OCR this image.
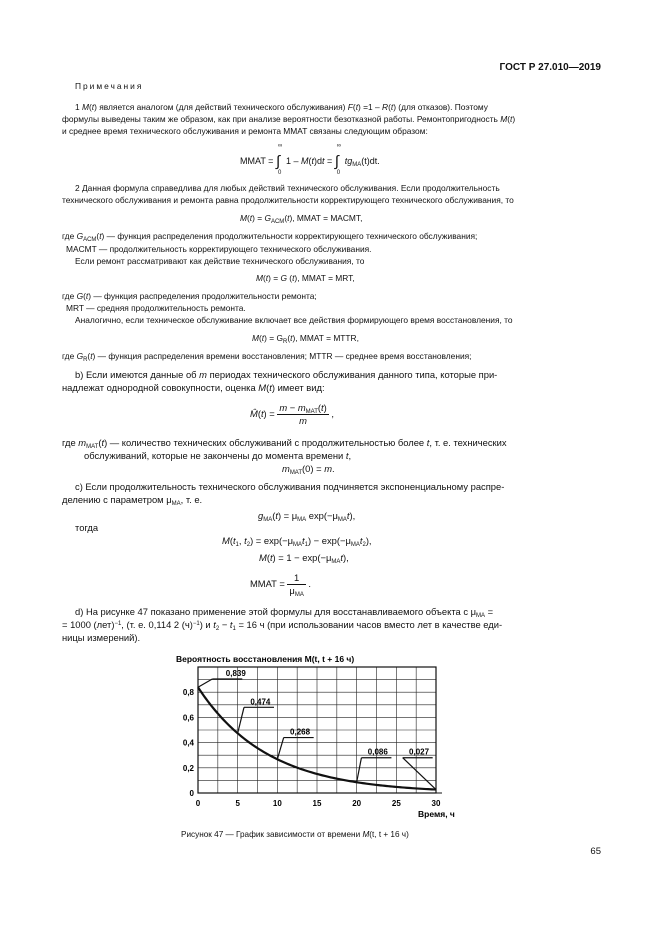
ГОСТ Р 27.010—2019
Примечания
1 M(t) является аналогом (для действий технического обслуживания) F(t) =1 – R(t) (для отказов). Поэтому
формулы выведены таким же образом, как при анализе вероятности безотказной работы. Ремонтопригодность M(t)
и среднее время технического обслуживания и ремонта MMAT связаны следующим образом:
MMAT =
∞
∫
0
1 – M(t)dt =
∞
∫
0
$tg_{MA}(t)dt$.
2 Данная формула справедлива для любых действий технического обслуживания. Если продолжительность
технического обслуживания и ремонта равна продолжительности корректирующего технического обслуживания, то
$M(t) = G_{ACM}(t)$, MMAT = MACMT,
где $G_{ACM}(t)$ — функция распределения продолжительности корректирующего технического обслуживания;
MACMT — продолжительность корректирующего технического обслуживания.
Если ремонт рассматривают как действие технического обслуживания, то
M(t) = G (t), MMAT = MRT,
где G(t) — функция распределения продолжительности ремонта;
MRT — средняя продолжительность ремонта.
Аналогично, если техническое обслуживание включает все действия формирующего время восстановления, то
$M(t) = G_R(t)$, MMAT = MTTR,
где $G_R(t)$ — функция распределения времени восстановления; MTTR — среднее время восстановления;
b) Если имеются данные об m периодах технического обслуживания данного типа, которые при-
надлежат однородной совокупности, оценка M(t) имеет вид:
M̂(t) = $\frac{m - m_{MAT}(t)}{m}$ ,
где $m_{MAT}(t)$ — количество технических обслуживаний с продолжительностью более t, т. е. технических
обслуживаний, которые не закончены до момента времени t,
$m_{MAT}(0) = m$.
c) Если продолжительность технического обслуживания подчиняется экспоненциальному распре-
делению с параметром $\mu_{MA}$, т. е.
$g_{MA}(t) = \mu_{MA}$ $\exp(-\mu_{MA}t)$,
тогда
$M(t_1$, $t_2) = \exp(-\mu_{MA}t_1) - \exp(-\mu_{MA}t_2)$,
$M(t) = 1 - \exp(-\mu_{MA}t)$,
MMAT = $\frac{1}{\mu_{MA}}$ .
d) На рисунке 47 показано применение этой формулы для восстанавливаемого объекта с $\mu_{MA}$ =
= 1000 (лет)$^{-1}$, (т. е. 0,114 2 $(ч)^{-1}$) и $t_2 - t_1 = 16$ ч (при использовании часов вместо лет в качестве еди-
ницы измерений).
Вероятность восстановления M(t, t + 16 ч)
0	5	10	15	20	25	30
0
0,2
0,4
0,6
0,8
0,839
0,474
0,268
0,086	0,027
Время, ч
Рисунок 47 — График зависимости от времени M(t, t + 16 ч)
65
